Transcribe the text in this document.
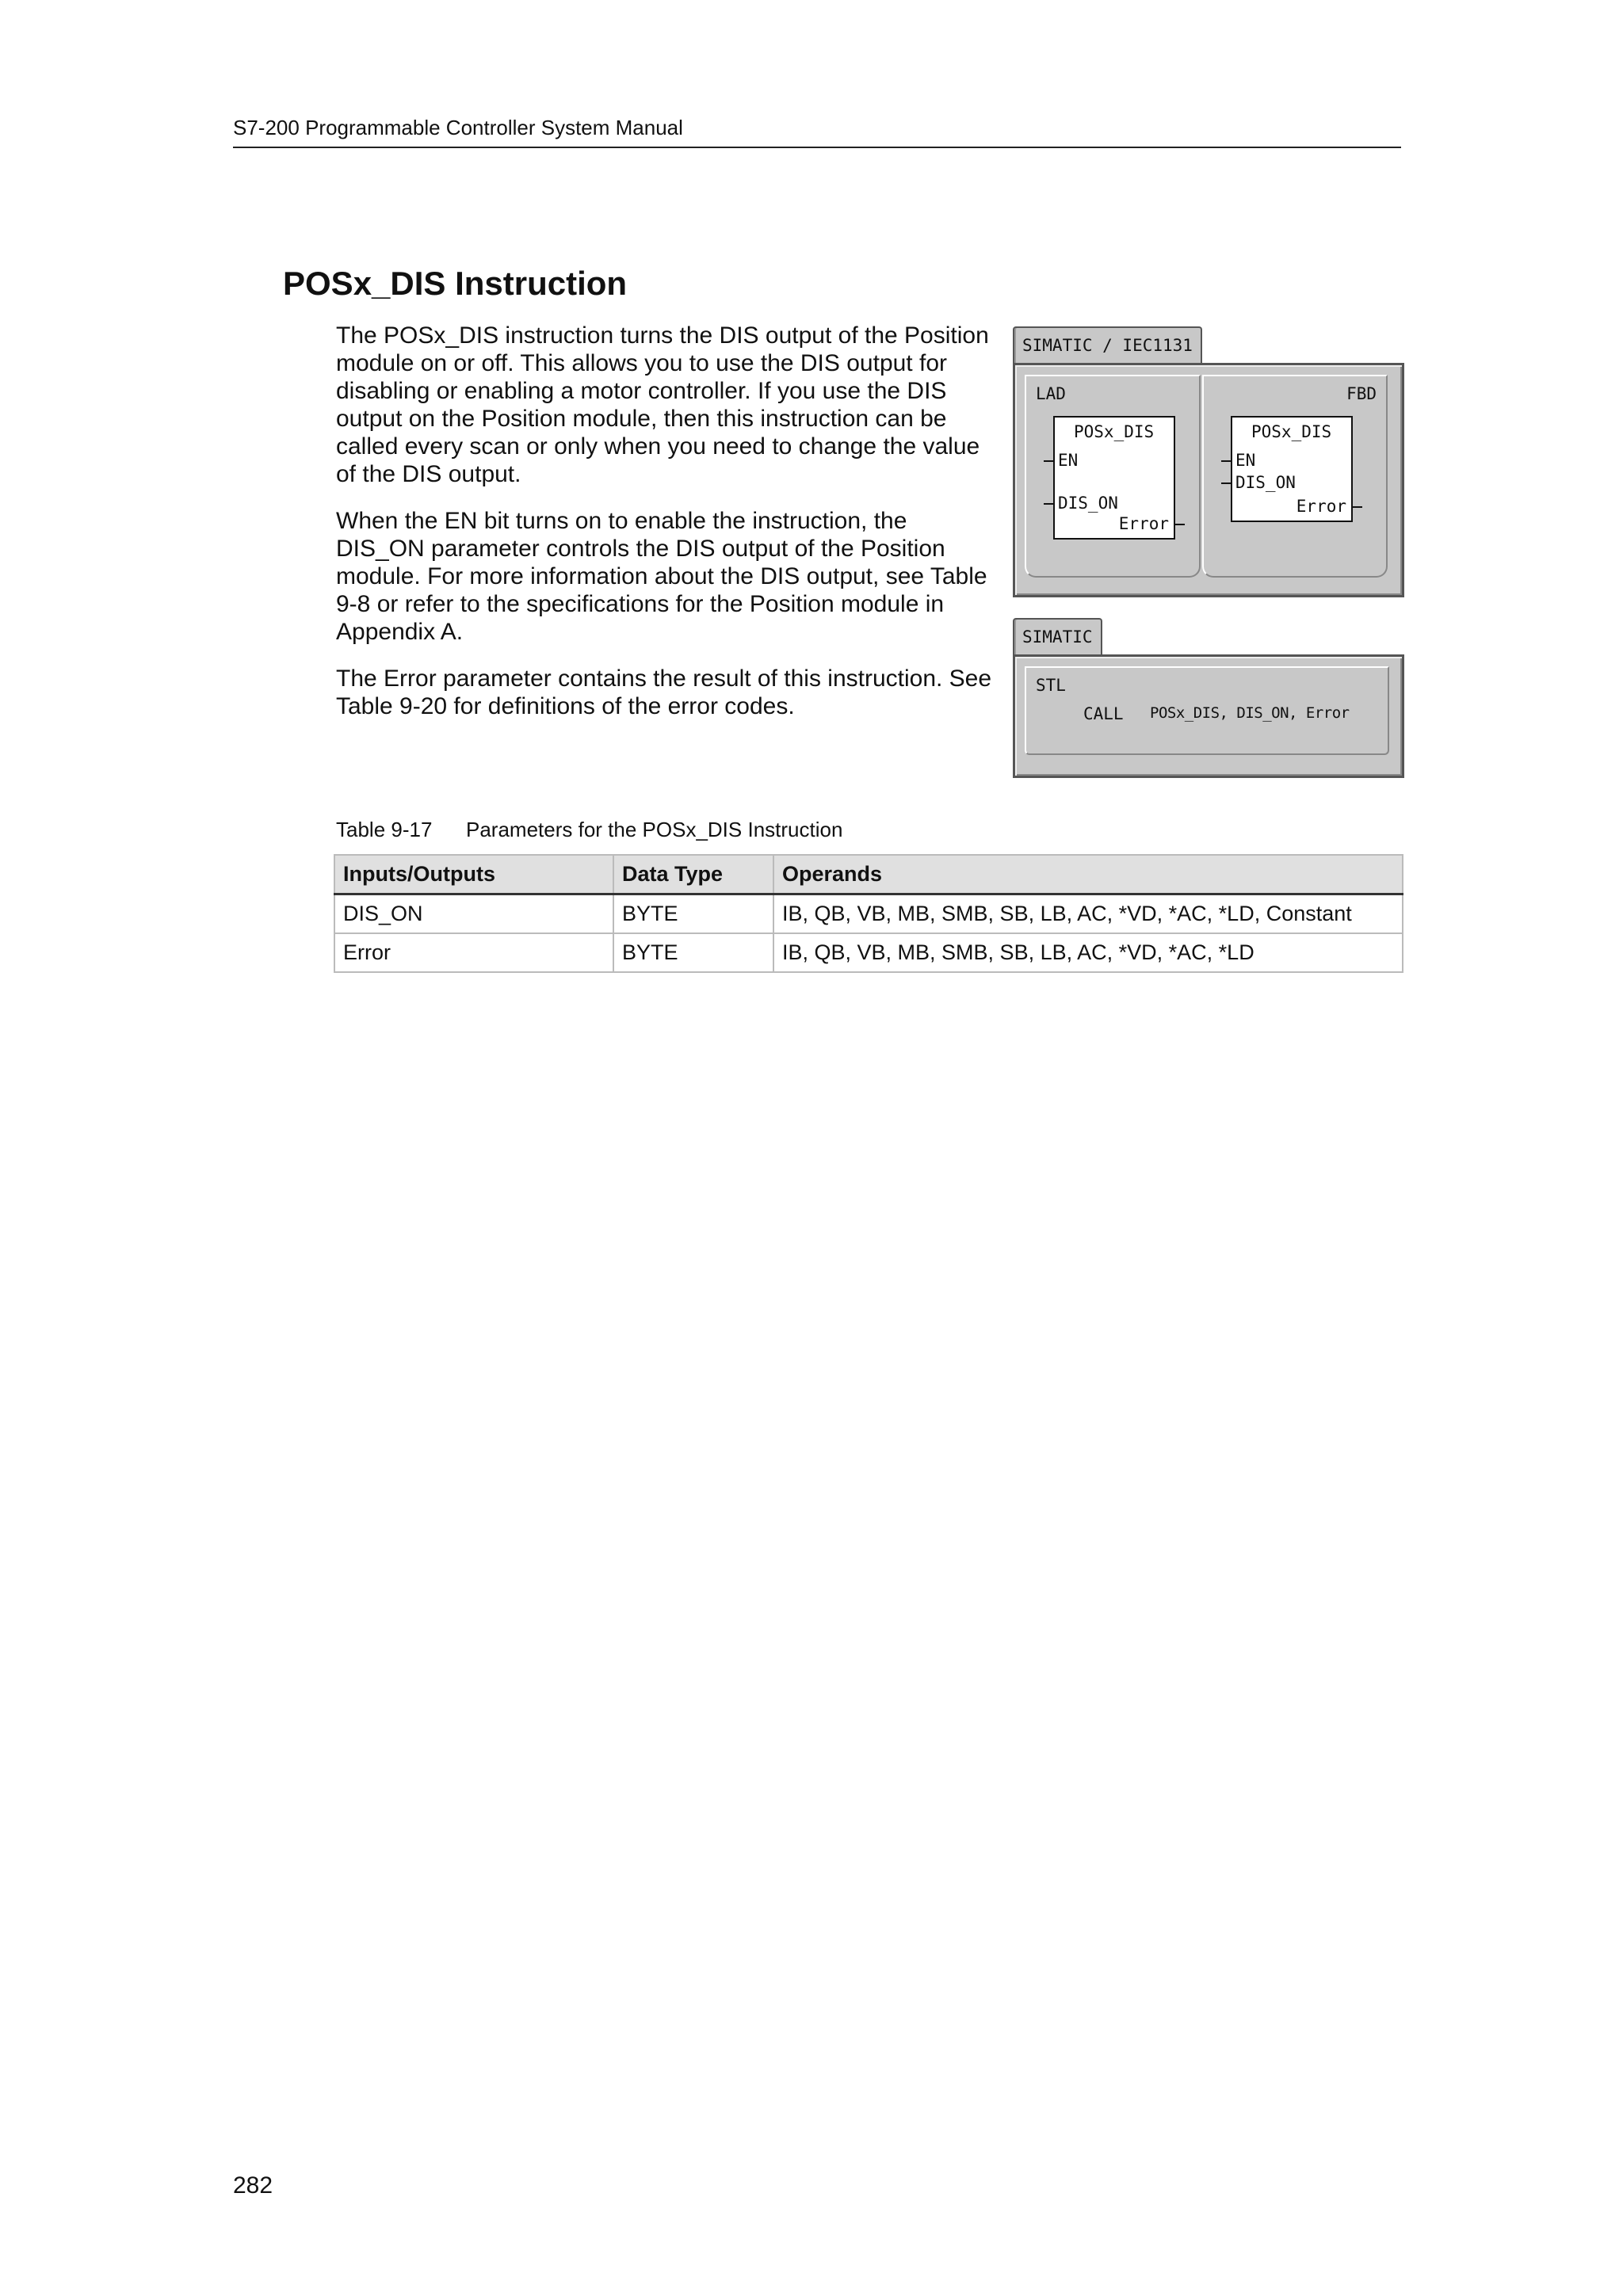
S7-200 Programmable Controller System Manual
POSx_DIS Instruction

The POSx_DIS instruction turns the DIS output of the Position module on or off. This allows you to use the DIS output for disabling or enabling a motor controller. If you use the DIS output on the Position module, then this instruction can be called every scan or only when you need to change the value of the DIS output.

When the EN bit turns on to enable the instruction, the DIS_ON parameter controls the DIS output of the Position module. For more information about the DIS output, see Table 9-8 or refer to the specifications for the Position module in Appendix A.

The Error parameter contains the result of this instruction. See Table 9-20 for definitions of the error codes.

SIMATIC / IEC1131
LAD
POSx_DIS
EN
DIS_ON
Error
FBD
POSx_DIS
EN
DIS_ON
Error
SIMATIC
STL
CALL POSx_DIS, DIS_ON, Error
Table 9-17 Parameters for the POSx_DIS Instruction
Inputs/Outputs	Data Type	Operands
DIS_ON	BYTE	IB, QB, VB, MB, SMB, SB, LB, AC, *VD, *AC, *LD, Constant
Error	BYTE	IB, QB, VB, MB, SMB, SB, LB, AC, *VD, *AC, *LD
282
